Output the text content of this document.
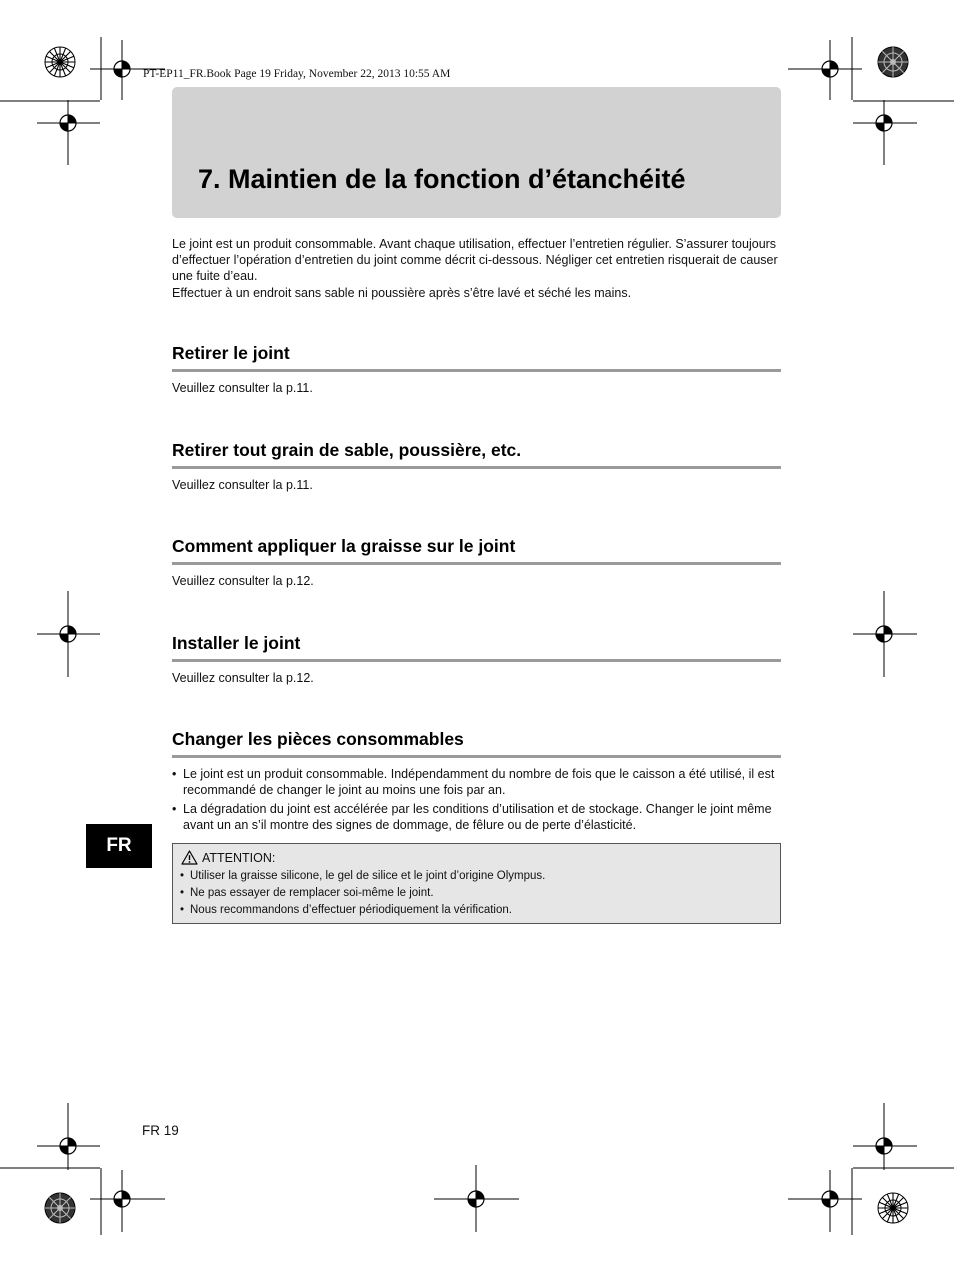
PT-EP11_FR.Book Page 19 Friday, November 22, 2013 10:55 AM
7. Maintien de la fonction d’étanchéité

Le joint est un produit consommable. Avant chaque utilisation, effectuer l’entretien régulier. S’assurer toujours d’effectuer l’opération d’entretien du joint comme décrit ci-dessous. Négliger cet entretien risquerait de causer une fuite d’eau.

Effectuer à un endroit sans sable ni poussière après s’être lavé et séché les mains.

Retirer le joint
Veuillez consulter la p.11.
Retirer tout grain de sable, poussière, etc.
Veuillez consulter la p.11.
Comment appliquer la graisse sur le joint
Veuillez consulter la p.12.
Installer le joint
Veuillez consulter la p.12.
Changer les pièces consommables
• Le joint est un produit consommable. Indépendamment du nombre de fois que le caisson a été utilisé, il est recommandé de changer le joint au moins une fois par an.
• La dégradation du joint est accélérée par les conditions d’utilisation et de stockage. Changer le joint même avant un an s’il montre des signes de dommage, de fêlure ou de perte d’élasticité.
ATTENTION:
• Utiliser la graisse silicone, le gel de silice et le joint d’origine Olympus.
• Ne pas essayer de remplacer soi-même le joint.
• Nous recommandons d’effectuer périodiquement la vérification.
FR
FR 19
